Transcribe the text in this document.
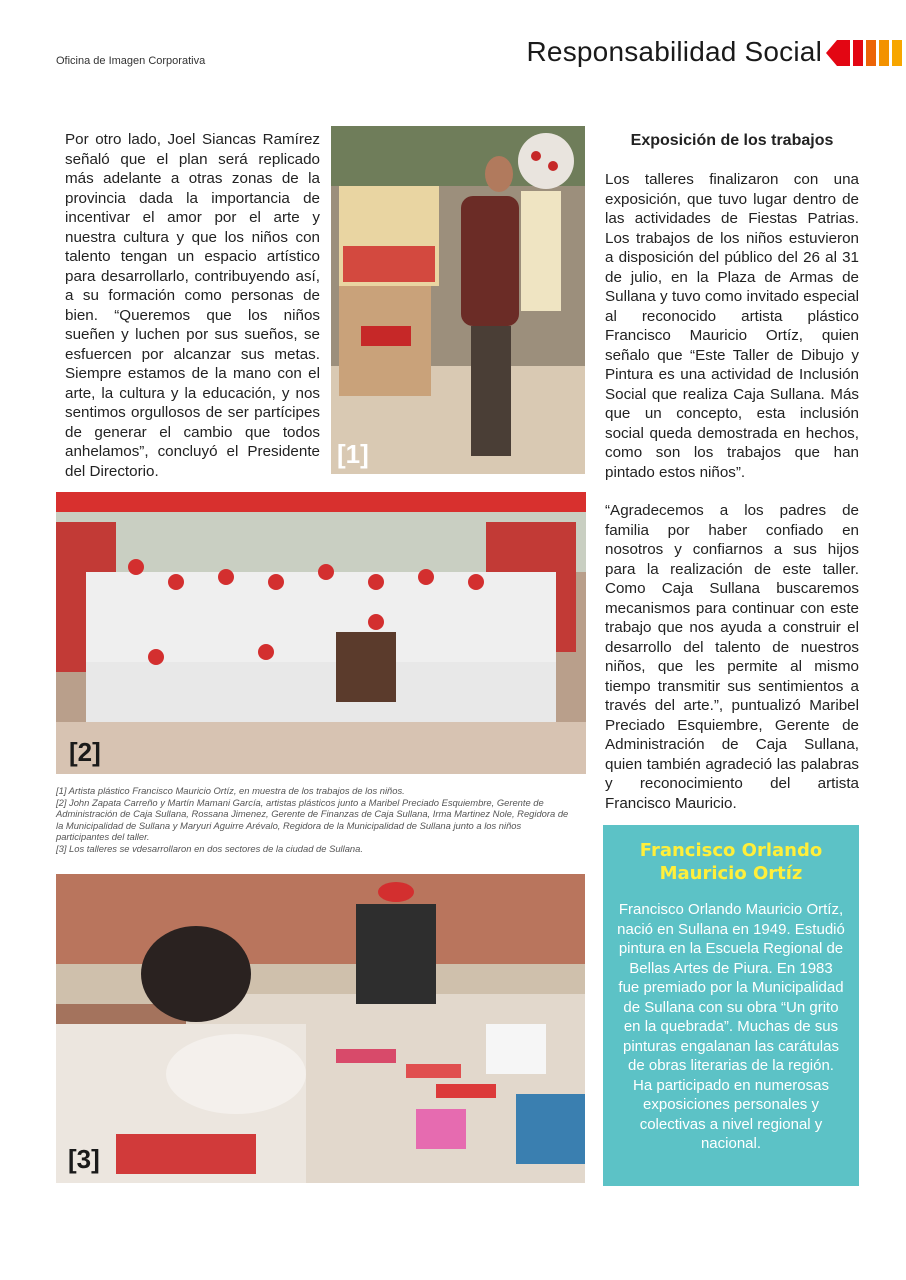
Oficina de Imagen Corporativa	Responsabilidad Social
Por otro lado, Joel Siancas Ramírez señaló que el plan será replicado más adelante a otras zonas de la provincia dada la importancia de incentivar el amor por el arte y nuestra cultura y que los niños con talento tengan un espacio artístico para desarrollarlo, contribuyendo así, a su formación como personas de bien. “Queremos que los niños sueñen y luchen por sus sueños, se esfuercen por alcanzar sus metas. Siempre estamos de la mano con el arte, la cultura y la educación, y nos sentimos orgullosos de ser partícipes de generar el cambio que todos anhelamos”, concluyó el Presidente del Directorio.
[1]
[2]

[1] Artista plástico Francisco Mauricio Ortíz, en muestra de los trabajos de los niños.

[2] John Zapata Carreño y Martín Mamani García, artistas plásticos junto a Maribel Preciado Esquiembre, Gerente de Administración de Caja Sullana, Rossana Jimenez, Gerente de Finanzas de Caja Sullana, Irma Martinez Nole, Regidora de la Municipalidad de Sullana y Maryuri Aguirre Arévalo, Regidora de la Municipalidad de Sullana junto a los niños participantes del taller.

[3] Los talleres se vdesarrollaron en dos sectores de la ciudad de Sullana.

[3]
Exposición de los trabajos
Los talleres finalizaron con una exposición, que tuvo lugar dentro de las actividades de Fiestas Patrias. Los trabajos de los niños estuvieron a disposición del público del 26 al 31 de julio, en la Plaza de Armas de Sullana y tuvo como invitado especial al reconocido artista plástico Francisco Mauricio Ortíz, quien señalo que “Este Taller de Dibujo y Pintura es una actividad de Inclusión Social que realiza Caja Sullana. Más que un concepto, esta inclusión social queda demostrada en hechos, como son los trabajos que han pintado estos niños”.
“Agradecemos a los padres de familia por haber confiado en nosotros y confiarnos a sus hijos para la realización de este taller. Como Caja Sullana buscaremos mecanismos para continuar con este trabajo que nos ayuda a construir el desarrollo del talento de nuestros niños, que les permite al mismo tiempo transmitir sus sentimientos a través del arte.”, puntualizó Maribel Preciado Esquiembre, Gerente de Administración de Caja Sullana, quien también agradeció las palabras y reconocimiento del artista Francisco Mauricio.
Francisco Orlando
Mauricio Ortíz
Francisco Orlando Mauricio Ortíz, nació en Sullana en 1949. Estudió pintura en la Escuela Regional de Bellas Artes de Piura. En 1983 fue premiado por la Municipalidad de Sullana con su obra “Un grito en la quebrada”. Muchas de sus pinturas engalanan las carátulas de obras literarias de la región. Ha participado en numerosas exposiciones personales y colectivas a nivel regional y nacional.
